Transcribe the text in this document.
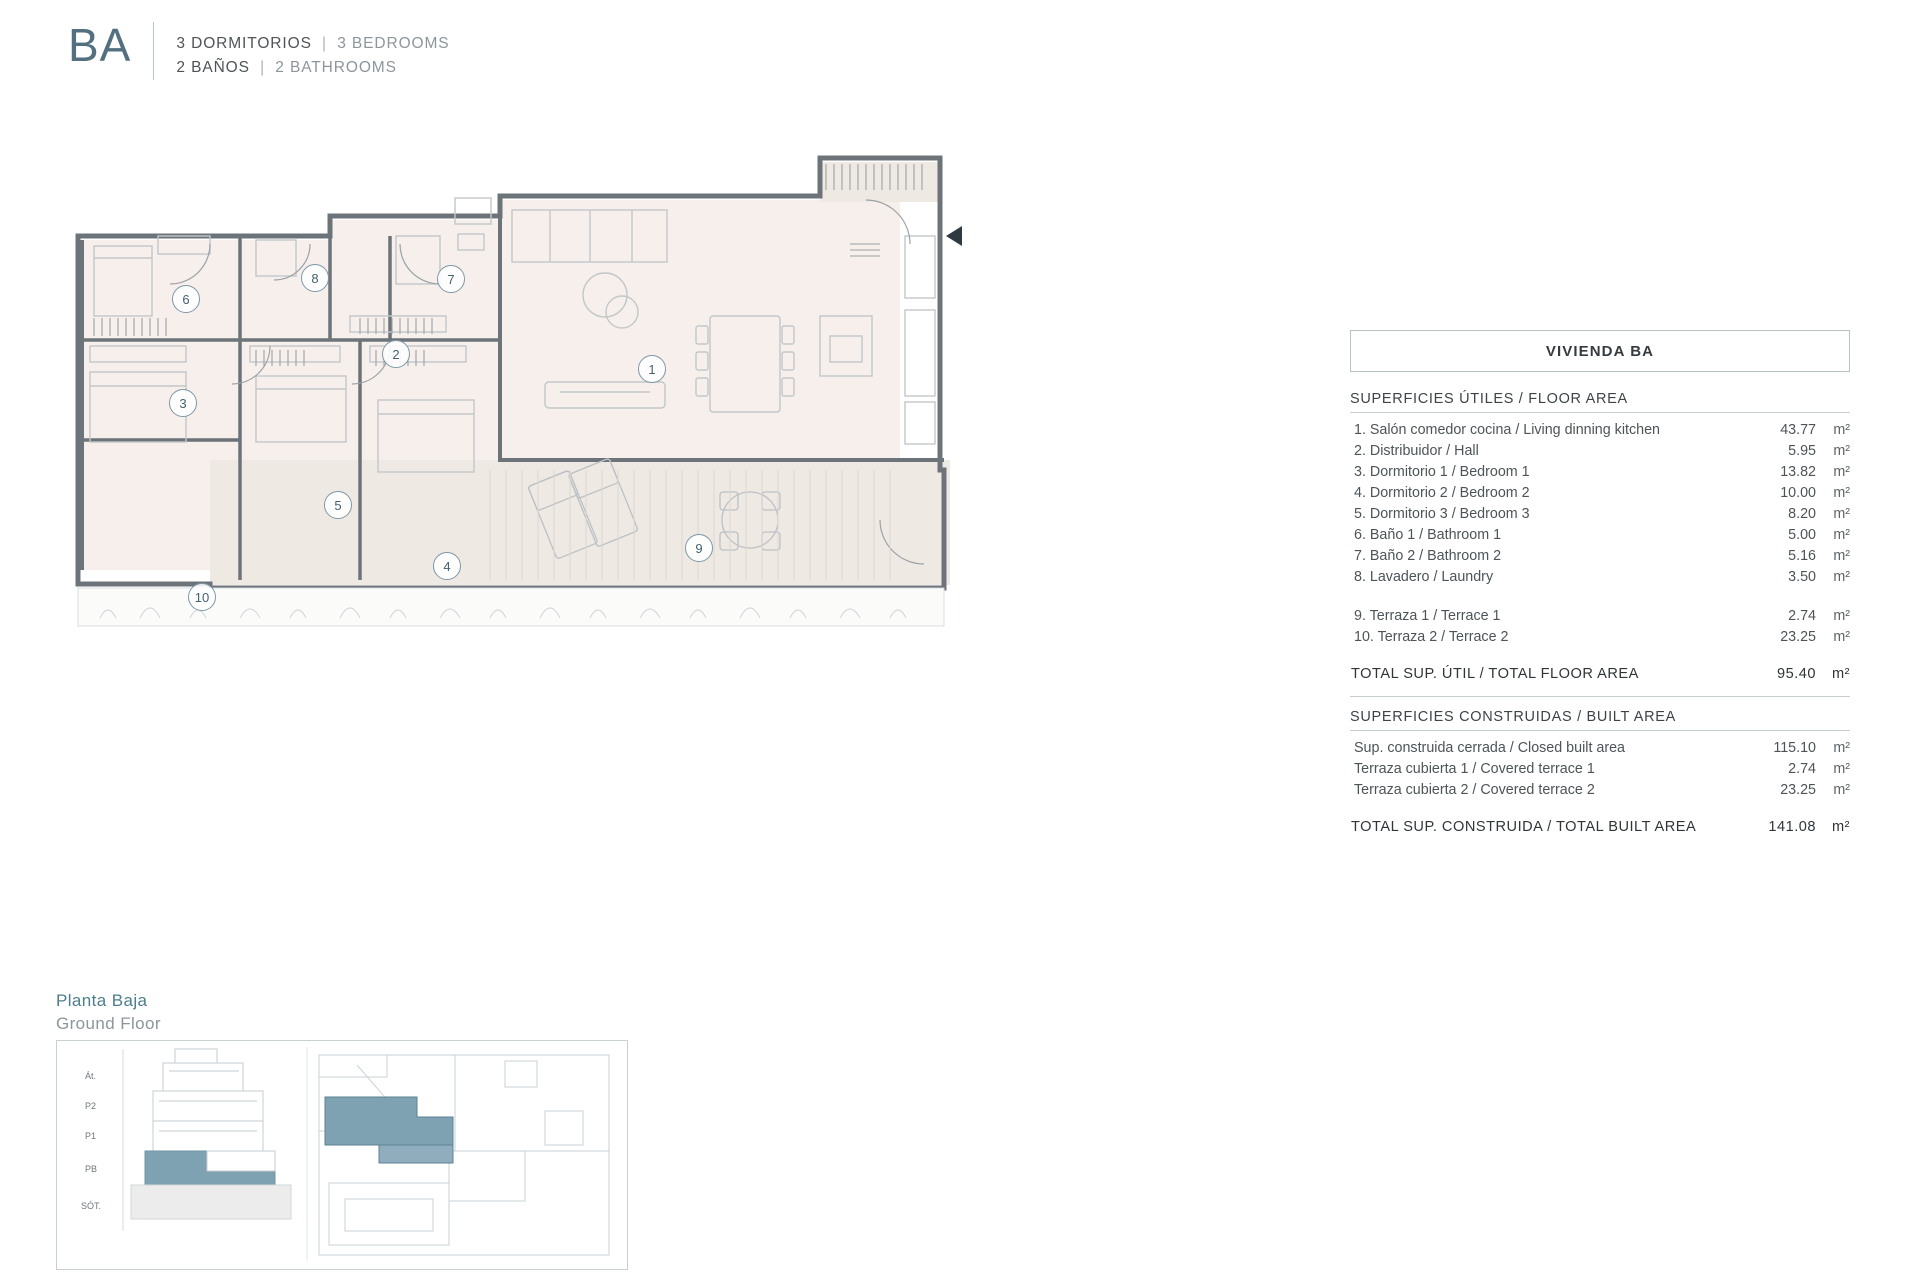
BA	3 DORMITORIOS | 3 BEDROOMS
2 BAÑOS | 2 BATHROOMS
1
2
3
4
5
6
7
8
9
10
VIVIENDA BA
SUPERFICIES ÚTILES / FLOOR AREA
1. Salón comedor cocina / Living dinning kitchen	43.77	m²
2. Distribuidor / Hall	5.95	m²
3. Dormitorio 1 / Bedroom 1	13.82	m²
4. Dormitorio 2 / Bedroom 2	10.00	m²
5. Dormitorio 3 / Bedroom 3	8.20	m²
6. Baño 1 / Bathroom 1	5.00	m²
7. Baño 2 / Bathroom 2	5.16	m²
8. Lavadero / Laundry	3.50	m²
9. Terraza 1 / Terrace 1	2.74	m²
10. Terraza 2 / Terrace 2	23.25	m²
TOTAL SUP. ÚTIL / TOTAL FLOOR AREA	95.40	m²
SUPERFICIES CONSTRUIDAS / BUILT AREA
Sup. construida cerrada / Closed built area	115.10	m²
Terraza cubierta 1 / Covered terrace 1	2.74	m²
Terraza cubierta 2 / Covered terrace 2	23.25	m²
TOTAL SUP. CONSTRUIDA / TOTAL BUILT AREA	141.08	m²
Planta Baja
Ground Floor
Át.
P2
P1
PB
SÓT.
